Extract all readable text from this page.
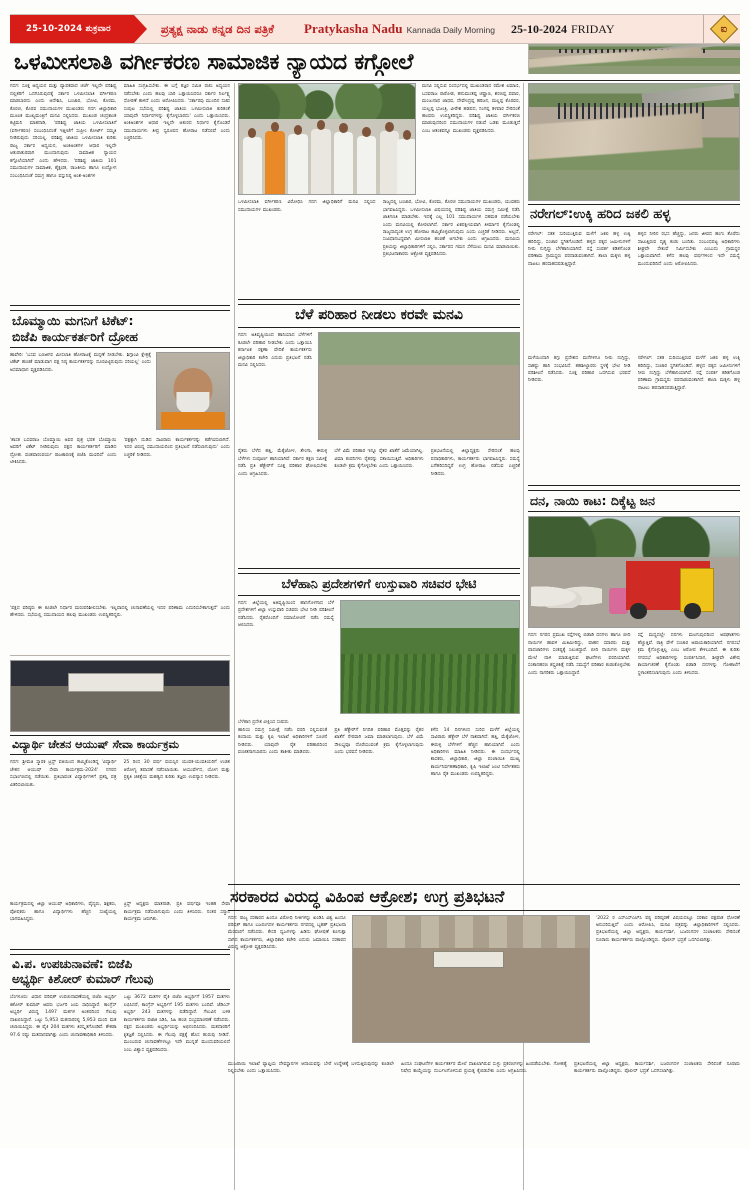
25-10-2024 ಶುಕ್ರವಾರ	ಪ್ರತ್ಯಕ್ಷ ನಾಡು ಕನ್ನಡ ದಿನ ಪತ್ರಿಕೆ Pratykasha Nadu Kannada Daily Morning 25-10-2024 FRIDAY	ಐ
ಒಳಮೀಸಲಾತಿ ವರ್ಗೀಕರಣ ಸಾಮಾಜಿಕ ನ್ಯಾಯದ ಕಗ್ಗೋಲೆ
ಗದಗ: ಸೂಕ್ತ ಅಧ್ಯಯನ ಮತ್ತು ವ್ಯಾಪಕವಾದ ಚರ್ಚೆ ಇಲ್ಲದೇ ಪರಿಶಿಷ್ಟ ದಲ್ಲಿತರಿಗೆ ಒದಗಿಸಿರುವುದಕ್ಕೆ ಸರ್ಕಾರ ಒಳಮೀಸಲಾತಿ ವರ್ಗೀಕರಣ ಮಾಡಬಾರದು ಎಂದು ಆದೇಶಿಸಿ, ಬಂಜಾರ, ಭೋವಿ, ಕೊರಮ, ಕೊರಚ, ಕೊರವ ಸಮುದಾಯಗಳ ಮುಖಂಡರು ಗದಗ ಜಿಲ್ಲಾಧಿಕಾರಿ ಮೂಲಕ ಮುಖ್ಯಮಂತ್ರಿಗೆ ಮನವಿ ಸಲ್ಲಿಸಿದರು. ಮುಖಂಡ ಚಂದ್ರಕಾಂತ ಕಟ್ಟಿಮನಿ ಮಾತನಾಡಿ, 'ಪರಿಶಿಷ್ಟ ಜಾತಿಯ ಒಳಮೀಸಲಾತಿಗೆ (ವರ್ಗೀಕರಣ) ಸಂಬಂಧಿಸಿದಂತೆ ಇತ್ತೀಚೆಗೆ ಸುಪ್ರೀಂ ಕೋರ್ಟ್ ಸಮ್ಮತಿ ನೀಡಿರುವುದು ಸರಿಯಲ್ಲ. ಪರಿಶಿಷ್ಟ ಜಾತಿಯ ಒಳಮೀಸಲಾತಿ ಕುರಿತು ರಾಜ್ಯ ಸರ್ಕಾರ ಅಧ್ಯಯನ, ಅಂಕಿಅಂಶಗಳ ಆಧಾರ ಇಲ್ಲದೇ ಆತುರಾತುರವಾಗಿ ಮುಂದಾಗುವುದು ಸಾಮಾಜಿಕ ನ್ಯಾಯದ ಕಗ್ಗೊಲೆಯಾಗಿದೆ' ಎಂದು ಹೇಳಿದರು. 'ಪರಿಶಿಷ್ಟ ಜಾತಿಯ 101 ಸಮುದಾಯಗಳ ಸಾಮಾಜಿಕ, ಶೈಕ್ಷಣಿಕ, ರಾಜಕೀಯ ಹಾಗೂ ಉದ್ಯೋಗ ಸಂಬಂಧಿಸಿದಂತೆ ಸಮಗ್ರ ಹಾಗೂ ವಸ್ತುನಿಷ್ಠ ಅಂಶ-ಅಂಶಗಳ
ಮಾಹಿತಿ ಸಂಗ್ರಹಿಸಬೇಕು. ಈ ಬಗ್ಗೆ ತಜ್ಞರ ಸಮಿತಿ ರಚಿಸಿ ಅಧ್ಯಯನ ನಡೆಸಬೇಕು ಎಂದು ಹಲವು ಬಾರಿ ಒತ್ತಾಯಿಸಿದರೂ ಸರ್ಕಾರ ನಿರ್ಲಕ್ಷ್ಯ ಧೋರಣೆ ತಾಳಿದೆ ಎಂದು ಆರೋಪಿಸಿದರು. 'ಸರ್ಕಾರವು ಮುಂದಿನ ಸಚಿವ ಸಂಪುಟ ಸಭೆಯಲ್ಲಿ ಪರಿಶಿಷ್ಟ ಜಾತಿಯ ಒಳಮೀಸಲಾತಿ ಕುರಿತಂತೆ ಯಾವುದೇ ನಿರ್ಧಾರಗಳನ್ನು ಕೈಗೊಳ್ಳಬಾರದು' ಎಂದು ಒತ್ತಾಯಿಸಿದರು. ಅಂಕಿಅಂಶಗಳ ಆಧಾರ ಇಲ್ಲದೇ ಆತುರದ ನಿರ್ಧಾರ ಕೈಗೊಂಡರೆ ಸಮುದಾಯಗಳು ತೀವ್ರ ಸ್ವರೂಪದ ಹೋರಾಟ ನಡೆಸಲಿವೆ ಎಂದು ಎಚ್ಚರಿಸಿದರು.
ಬೊಮ್ಮಾಯಿ ಮಗನಿಗೆ ಟಿಕೆಟ್:
ಬಿಜೆಪಿ ಕಾರ್ಯಕರ್ತರಿಗೆ ದ್ರೋಹ
ಹಾವೇರಿ: 'ಬಸವ ಬಣಜಿಗರ ಮೀಸಲಾತಿ ಹೋರಾಟಕ್ಕೆ ಮನ್ನಣೆ ನೀಡಬೇಕು. ಶಿಗ್ಗಾಂವಿ ಕ್ಷೇತ್ರಕ್ಕೆ ಟಿಕೆಟ್ ಹಂಚಿಕೆ ಮಾಡುವಾಗ ಪಕ್ಷ ನಿಷ್ಠ ಕಾರ್ಯಕರ್ತರನ್ನು ದೂರವಿಟ್ಟಿರುವುದು ಸರಿಯಲ್ಲ' ಎಂದು ಅಸಮಾಧಾನ ವ್ಯಕ್ತಪಡಿಸಿದರು.
'ಶಾಸಕ ಬಸವರಾಜ ಬೊಮ್ಮಾಯಿ ಅವರ ಪುತ್ರ ಭರತ ಬೊಮ್ಮಾಯಿ ಅವರಿಗೆ ಟಿಕೆಟ್ ನೀಡಿರುವುದು ಪಕ್ಷದ ಕಾರ್ಯಕರ್ತರಿಗೆ ಮಾಡಿದ ದ್ರೋಹ. ವಂಶಪಾರಂಪರ್ಯ ರಾಜಕಾರಣಕ್ಕೆ ಬಿಜೆಪಿ ಮಣಿದಿದೆ' ಎಂದು ಟೀಕಿಸಿದರು.
'ಪಕ್ಷಕ್ಕಾಗಿ ದುಡಿದ ಸಾವಿರಾರು ಕಾರ್ಯಕರ್ತರನ್ನು ಕಡೆಗಣಿಸಲಾಗಿದೆ. ಇದರ ವಿರುದ್ಧ ಸಮುದಾಯದಿಂದ ಪ್ರತಿಭಟನೆ ನಡೆಸಲಾಗುವುದು' ಎಂದು ಎಚ್ಚರಿಕೆ ನೀಡಿದರು.
'ಪಕ್ಷದ ವರಿಷ್ಠರು ಈ ಕೂಡಲೇ ನಿರ್ಧಾರ ಮರುಪರಿಶೀಲಿಸಬೇಕು. ಇಲ್ಲವಾದಲ್ಲಿ ಚುನಾವಣೆಯಲ್ಲಿ ಇದರ ಪರಿಣಾಮ ಎದುರಿಸಬೇಕಾಗುತ್ತದೆ' ಎಂದು ಹೇಳಿದರು. ಸಭೆಯಲ್ಲಿ ಸಮುದಾಯದ ಹಲವು ಮುಖಂಡರು ಉಪಸ್ಥಿತರಿದ್ದರು.
ವಿದ್ಯಾರ್ಥಿ ಚೇತನ ಆಯುಷ್ ಸೇವಾ ಕಾರ್ಯಕ್ರಮ
ಗದಗ: ಶ್ರೀಮತಿ ಸ್ಮಾರಕ ಟ್ರಸ್ಟ್ ವತಿಯಿಂದ ಹಮ್ಮಿಕೊಂಡಿದ್ದ 'ವಿದ್ಯಾರ್ಥಿ ಚೇತನ ಆಯುಷ್ ಸೇವಾ ಕಾರ್ಯಕ್ರಮ-2024' ನಗರದ ಸಭಾಂಗಣದಲ್ಲಿ ನಡೆಯಿತು. ಪ್ರತಿಭಾವಂತ ವಿದ್ಯಾರ್ಥಿಗಳಿಗೆ ಪ್ರಶಸ್ತಿ ಪತ್ರ ವಿತರಿಸಲಾಯಿತು.
25 ರಿಂದ 30 ವರ್ಷ ವಯಸ್ಸಿನ ಯುವಕ-ಯುವತಿಯರಿಗೆ ಉಚಿತ ಆರೋಗ್ಯ ತಪಾಸಣೆ ನಡೆಸಲಾಯಿತು. ಆಯುರ್ವೇದ, ಯೋಗ ಮತ್ತು ಪ್ರಕೃತಿ ಚಿಕಿತ್ಸೆಯ ಮಹತ್ವದ ಕುರಿತು ತಜ್ಞರು ಉಪನ್ಯಾಸ ನೀಡಿದರು.
ಕಾರ್ಯಕ್ರಮದಲ್ಲಿ ಜಿಲ್ಲಾ ಆಯುಷ್ ಅಧಿಕಾರಿಗಳು, ವೈದ್ಯರು, ಶಿಕ್ಷಕರು, ಪೋಷಕರು ಹಾಗೂ ವಿದ್ಯಾರ್ಥಿಗಳು ಹೆಚ್ಚಿನ ಸಂಖ್ಯೆಯಲ್ಲಿ ಭಾಗವಹಿಸಿದ್ದರು.
ಟ್ರಸ್ಟ್ ಅಧ್ಯಕ್ಷರು ಮಾತನಾಡಿ, ಪ್ರತಿ ವರ್ಷವೂ ಇಂತಹ ಸೇವಾ ಕಾರ್ಯಕ್ರಮ ನಡೆಸಲಾಗುವುದು ಎಂದು ತಿಳಿಸಿದರು. ನಂತರ ಸನ್ಮಾನ ಕಾರ್ಯಕ್ರಮ ಜರುಗಿತು.
ವಿ.ಪ. ಉಪಚುನಾವಣೆ: ಬಿಜೆಪಿ
ಅಭ್ಯರ್ಥಿ ಕಿಶೋರ್ ಕುಮಾರ್ ಗೆಲುವು
ಬೆಂಗಳೂರು: ವಿಧಾನ ಪರಿಷತ್ ಉಪಚುನಾವಣೆಯಲ್ಲಿ ಬಿಜೆಪಿ ಅಭ್ಯರ್ಥಿ ಕಿಶೋರ್ ಕುಮಾರ್ ಅವರು ಭರ್ಜರಿ ಜಯ ಸಾಧಿಸಿದ್ದಾರೆ. ಕಾಂಗ್ರೆಸ್ ಅಭ್ಯರ್ಥಿ ವಿರುದ್ಧ 1497 ಮತಗಳ ಅಂತರದಿಂದ ಗೆಲುವು ದಾಖಲಿಸಿದ್ದಾರೆ. ಒಟ್ಟು 5,953 ಮತದಾರರಲ್ಲಿ 5,953 ಮಂದಿ ಮತ ಚಲಾಯಿಸಿದ್ದರು. ಈ ಪೈಕಿ 204 ಮತಗಳು ತಿರಸ್ಕೃತಗೊಂಡಿವೆ. ಶೇಕಡಾ 97.6 ರಷ್ಟು ಮತದಾನವಾಗಿತ್ತು ಎಂದು ಚುನಾವಣಾಧಿಕಾರಿ ತಿಳಿಸಿದರು.
ಒಟ್ಟು 3672 ಮತಗಳ ಪೈಕಿ ಬಿಜೆಪಿ ಅಭ್ಯರ್ಥಿಗೆ 1957 ಮತಗಳು ಲಭಿಸಿದರೆ, ಕಾಂಗ್ರೆಸ್ ಅಭ್ಯರ್ಥಿಗೆ 195 ಮತಗಳು ಬಂದಿವೆ. ಜೆಡಿಎಸ್ ಅಭ್ಯರ್ಥಿ 243 ಮತಗಳನ್ನು ಪಡೆದಿದ್ದಾರೆ. ಗೆಲುವಿನ ಬಳಿಕ ಕಾರ್ಯಕರ್ತರು ಪಟಾಕಿ ಸಿಡಿಸಿ, ಸಿಹಿ ಹಂಚಿ ಸಂಭ್ರಮಾಚರಣೆ ನಡೆಸಿದರು. ಪಕ್ಷದ ಮುಖಂಡರು ಅಭ್ಯರ್ಥಿಯನ್ನು ಅಭಿನಂದಿಸಿದರು. ಮತದಾರರಿಗೆ ಕೃತಜ್ಞತೆ ಸಲ್ಲಿಸಿದರು. ಈ ಗೆಲುವು ಪಕ್ಷಕ್ಕೆ ಹೊಸ ಹುರುಪು ನೀಡಿದೆ. ಮುಂಬರುವ ಚುನಾವಣೆಗಳಲ್ಲೂ ಇದೇ ಮುನ್ನಡೆ ಮುಂದುವರಿಯಲಿದೆ ಎಂಬ ವಿಶ್ವಾಸ ವ್ಯಕ್ತಪಡಿಸಿದರು.
ಮನವಿ ಸಲ್ಲಿಸುವ ಸಂದರ್ಭದಲ್ಲಿ ಮುಖಂಡರಾದ ರಮೇಶ ಲಮಾಣಿ, ಬಸವರಾಜ ರಾಠೋಡ, ಹನುಮಂತಪ್ಪ ಚವ್ಹಾಣ, ಶರಣಪ್ಪ ಪವಾರ, ಮಂಜುನಾಥ ಜಾಧವ, ದೇವೇಂದ್ರಪ್ಪ ಹರಿಜನ, ಮಲ್ಲಪ್ಪ ಕೊರವರ, ಯಲ್ಲಪ್ಪ ಭಜಂತ್ರಿ, ವೀರೇಶ ಹಡಪದ, ನಿಂಗಪ್ಪ ತಳವಾರ ಸೇರಿದಂತೆ ಹಲವರು ಉಪಸ್ಥಿತರಿದ್ದರು. ಪರಿಶಿಷ್ಟ ಜಾತಿಯ ವರ್ಗೀಕರಣ ಮಾಡುವುದರಿಂದ ಸಮುದಾಯಗಳ ನಡುವೆ ಒಡಕು ಮೂಡುತ್ತದೆ ಎಂಬ ಆತಂಕವನ್ನೂ ಮುಖಂಡರು ವ್ಯಕ್ತಪಡಿಸಿದರು.
ಒಳಮೀಸಲಾತಿ ವರ್ಗೀಕರಣ ವಿರೋಧಿಸಿ ಗದಗ ಜಿಲ್ಲಾಧಿಕಾರಿಗೆ ಮನವಿ ಸಲ್ಲಿಸಿದ ಸಮುದಾಯಗಳ ಮುಖಂಡರು.
ರಾಜ್ಯದಲ್ಲಿ ಬಂಜಾರ, ಭೋವಿ, ಕೊರಮ, ಕೊರಚ ಸಮುದಾಯಗಳ ಮುಖಂಡರು, ಯುವಕರು ಭಾಗವಹಿಸಿದ್ದರು. ಒಳಮೀಸಲಾತಿ ವಿಷಯದಲ್ಲಿ ಪರಿಶಿಷ್ಟ ಜಾತಿಯ ಸಮಗ್ರ ಸಮೀಕ್ಷೆ ನಡೆಸಿ ಜಾತಿಗಣತಿ ಮಾಡಬೇಕು. ಇದಕ್ಕೆ ಎಲ್ಲ 101 ಸಮುದಾಯಗಳ ಸಹಮತ ಪಡೆಯಬೇಕು ಎಂದು ಮನವಿಯಲ್ಲಿ ಕೋರಲಾಗಿದೆ. ಸರ್ಕಾರ ಏಕಪಕ್ಷೀಯವಾಗಿ ತೀರ್ಮಾನ ಕೈಗೊಂಡಲ್ಲಿ ರಾಜ್ಯದಾದ್ಯಂತ ಉಗ್ರ ಹೋರಾಟ ಹಮ್ಮಿಕೊಳ್ಳಲಾಗುವುದು ಎಂದು ಎಚ್ಚರಿಕೆ ನೀಡಿದರು. ಅಲ್ಲದೆ, ಸಂವಿಧಾನಬದ್ಧವಾಗಿ ಮೀಸಲಾತಿ ಹಂಚಿಕೆ ಆಗಬೇಕು ಎಂದು ಆಗ್ರಹಿಸಿದರು. ಮನವಿಯ ಪ್ರತಿಯನ್ನು ಜಿಲ್ಲಾಧಿಕಾರಿಗಳಿಗೆ ಸಲ್ಲಿಸಿ, ಸರ್ಕಾರದ ಗಮನ ಸೆಳೆಯಲು ಮನವಿ ಮಾಡಲಾಯಿತು. ಪ್ರತಿಭಟನಾಕಾರರು ಆಕ್ರೋಶ ವ್ಯಕ್ತಪಡಿಸಿದರು.
ಬೆಳೆ ಪರಿಹಾರ ನೀಡಲು ಕರವೇ ಮನವಿ
ಗದಗ: ಅತಿವೃಷ್ಟಿಯಿಂದ ಹಾನಿಯಾದ ಬೆಳೆಗಳಿಗೆ ಕೂಡಲೇ ಪರಿಹಾರ ನೀಡಬೇಕು ಎಂದು ಒತ್ತಾಯಿಸಿ ಕರ್ನಾಟಕ ರಕ್ಷಣಾ ವೇದಿಕೆ ಕಾರ್ಯಕರ್ತರು ಜಿಲ್ಲಾಧಿಕಾರಿ ಕಚೇರಿ ಎದುರು ಪ್ರತಿಭಟನೆ ನಡೆಸಿ ಮನವಿ ಸಲ್ಲಿಸಿದರು.
ರೈತರು ಬೆಳೆದ ಹತ್ತಿ, ಮೆಕ್ಕೆಜೋಳ, ಶೇಂಗಾ, ಈರುಳ್ಳಿ ಬೆಳೆಗಳು ಸಂಪೂರ್ಣ ಹಾನಿಯಾಗಿವೆ. ಸರ್ಕಾರ ತಕ್ಷಣ ಸಮೀಕ್ಷೆ ನಡೆಸಿ ಪ್ರತಿ ಹೆಕ್ಟೇರ್‌ಗೆ ಸೂಕ್ತ ಪರಿಹಾರ ಘೋಷಿಸಬೇಕು ಎಂದು ಆಗ್ರಹಿಸಿದರು.
ಬೆಳೆ ವಿಮೆ ಪರಿಹಾರ ಇನ್ನೂ ರೈತರ ಖಾತೆಗೆ ಜಮೆಯಾಗಿಲ್ಲ. ವಿಮಾ ಕಂಪನಿಗಳು ರೈತರನ್ನು ಸತಾಯಿಸುತ್ತಿವೆ. ಅಧಿಕಾರಿಗಳು ಕೂಡಲೇ ಕ್ರಮ ಕೈಗೊಳ್ಳಬೇಕು ಎಂದು ಒತ್ತಾಯಿಸಿದರು.
ಪ್ರತಿಭಟನೆಯಲ್ಲಿ ಜಿಲ್ಲಾಧ್ಯಕ್ಷರು ಸೇರಿದಂತೆ ಹಲವು ಪದಾಧಿಕಾರಿಗಳು, ಕಾರ್ಯಕರ್ತರು ಭಾಗವಹಿಸಿದ್ದರು. ಸಮಸ್ಯೆ ಬಗೆಹರಿಸದಿದ್ದರೆ ಉಗ್ರ ಹೋರಾಟ ನಡೆಸುವ ಎಚ್ಚರಿಕೆ ನೀಡಿದರು.
ಬೆಳೆಹಾನಿ ಪ್ರದೇಶಗಳಿಗೆ ಉಸ್ತುವಾರಿ ಸಚಿವರ ಭೇಟಿ
ಗದಗ: ಜಿಲ್ಲೆಯಲ್ಲಿ ಅತಿವೃಷ್ಟಿಯಿಂದ ಹಾನಿಗೊಳಗಾದ ಬೆಳೆ ಪ್ರದೇಶಗಳಿಗೆ ಜಿಲ್ಲಾ ಉಸ್ತುವಾರಿ ಸಚಿವರು ಭೇಟಿ ನೀಡಿ ಪರಿಶೀಲನೆ ನಡೆಸಿದರು. ರೈತರೊಂದಿಗೆ ಸಮಾಲೋಚನೆ ನಡೆಸಿ ಸಮಸ್ಯೆ ಆಲಿಸಿದರು.
ಬೆಳೆಹಾನಿ ಪ್ರದೇಶ ವೀಕ್ಷಿಸಿದ ಸಚಿವರು
ಹಾನಿಯ ಸಮಗ್ರ ಸಮೀಕ್ಷೆ ನಡೆಸಿ ವರದಿ ಸಲ್ಲಿಸುವಂತೆ ಕಂದಾಯ ಮತ್ತು ಕೃಷಿ ಇಲಾಖೆ ಅಧಿಕಾರಿಗಳಿಗೆ ಸೂಚನೆ ನೀಡಿದರು. ಯಾವುದೇ ರೈತ ಪರಿಹಾರದಿಂದ ವಂಚಿತನಾಗಬಾರದು ಎಂದು ತಾಕೀತು ಮಾಡಿದರು.
ಪ್ರತಿ ಹೆಕ್ಟೇರ್‌ಗೆ ನಿಗದಿತ ಪರಿಹಾರ ಮೊತ್ತವನ್ನು ರೈತರ ಖಾತೆಗೆ ನೇರವಾಗಿ ಜಮಾ ಮಾಡಲಾಗುವುದು. ಬೆಳೆ ವಿಮೆ ಸೌಲಭ್ಯವೂ ದೊರೆಯುವಂತೆ ಕ್ರಮ ಕೈಗೊಳ್ಳಲಾಗುವುದು ಎಂದು ಭರವಸೆ ನೀಡಿದರು.
ಕಳೆದ 14 ದಿನಗಳಿಂದ ಸುರಿದ ಮಳೆಗೆ ಜಿಲ್ಲೆಯಲ್ಲಿ ಸಾವಿರಾರು ಹೆಕ್ಟೇರ್ ಬೆಳೆ ನಾಶವಾಗಿದೆ. ಹತ್ತಿ, ಮೆಕ್ಕೆಜೋಳ, ಈರುಳ್ಳಿ ಬೆಳೆಗಳಿಗೆ ಹೆಚ್ಚಿನ ಹಾನಿಯಾಗಿದೆ ಎಂದು ಅಧಿಕಾರಿಗಳು ಮಾಹಿತಿ ನೀಡಿದರು. ಈ ಸಂದರ್ಭದಲ್ಲಿ ಶಾಸಕರು, ಜಿಲ್ಲಾಧಿಕಾರಿ, ಜಿಲ್ಲಾ ಪಂಚಾಯಿತಿ ಮುಖ್ಯ ಕಾರ್ಯನಿರ್ವಹಣಾಧಿಕಾರಿ, ಕೃಷಿ ಇಲಾಖೆ ಜಂಟಿ ನಿರ್ದೇಶಕರು ಹಾಗೂ ರೈತ ಮುಖಂಡರು ಉಪಸ್ಥಿತರಿದ್ದರು.
ನರೇಗಲ್:ಉಕ್ಕಿ ಹರಿದ ಜಕಲಿ ಹಳ್ಳ
ನರೇಗಲ್: ಸತತ ಸುರಿಯುತ್ತಿರುವ ಮಳೆಗೆ ಜಕಲಿ ಹಳ್ಳ ಉಕ್ಕಿ ಹರಿದಿದ್ದು, ಸಂಚಾರ ಸ್ಥಗಿತಗೊಂಡಿದೆ. ಹಳ್ಳದ ಪಕ್ಕದ ಜಮೀನುಗಳಿಗೆ ನೀರು ನುಗ್ಗಿದ್ದು ಬೆಳೆಹಾನಿಯಾಗಿದೆ. ರಸ್ತೆ ಸಂಪರ್ಕ ಕಡಿತಗೊಂಡ ಪರಿಣಾಮ ಗ್ರಾಮಸ್ಥರು ಪರದಾಡುವಂತಾಗಿದೆ. ಶಾಲಾ ಮಕ್ಕಳು ಹಳ್ಳ ದಾಟಲು ಹರಸಾಹಸಪಡುತ್ತಿದ್ದಾರೆ.
ಹಳ್ಳದ ನೀರಿನ ರಭಸ ಹೆಚ್ಚಿದ್ದು, ಜನರು ಜೀವದ ಹಂಗು ತೊರೆದು ದಾಟುತ್ತಿರುವ ದೃಶ್ಯ ಕಂಡು ಬಂದಿತು. ಸಂಬಂಧಪಟ್ಟ ಅಧಿಕಾರಿಗಳು ಶೀಘ್ರವೇ ಸೇತುವೆ ನಿರ್ಮಿಸಬೇಕು ಎಂಬುದು ಗ್ರಾಮಸ್ಥರ ಒತ್ತಾಯವಾಗಿದೆ. ಕಳೆದ ಹಲವು ವರ್ಷಗಳಿಂದ ಇದೇ ಸಮಸ್ಯೆ ಮುಂದುವರಿದಿದೆ ಎಂದು ಆರೋಪಿಸಿದರು.
ಮಳೆಯಿಂದಾಗಿ ತಗ್ಗು ಪ್ರದೇಶದ ಮನೆಗಳಿಗೂ ನೀರು ನುಗ್ಗಿದ್ದು, ಸಾಕಷ್ಟು ಹಾನಿ ಸಂಭವಿಸಿದೆ. ತಹಶೀಲ್ದಾರರು ಸ್ಥಳಕ್ಕೆ ಭೇಟಿ ನೀಡಿ ಪರಿಶೀಲನೆ ನಡೆಸಿದರು. ಸೂಕ್ತ ಪರಿಹಾರ ಒದಗಿಸುವ ಭರವಸೆ ನೀಡಿದರು.
ನರೇಗಲ್: ಸತತ ಸುರಿಯುತ್ತಿರುವ ಮಳೆಗೆ ಜಕಲಿ ಹಳ್ಳ ಉಕ್ಕಿ ಹರಿದಿದ್ದು, ಸಂಚಾರ ಸ್ಥಗಿತಗೊಂಡಿದೆ. ಹಳ್ಳದ ಪಕ್ಕದ ಜಮೀನುಗಳಿಗೆ ನೀರು ನುಗ್ಗಿದ್ದು ಬೆಳೆಹಾನಿಯಾಗಿದೆ. ರಸ್ತೆ ಸಂಪರ್ಕ ಕಡಿತಗೊಂಡ ಪರಿಣಾಮ ಗ್ರಾಮಸ್ಥರು ಪರದಾಡುವಂತಾಗಿದೆ. ಶಾಲಾ ಮಕ್ಕಳು ಹಳ್ಳ ದಾಟಲು ಹರಸಾಹಸಪಡುತ್ತಿದ್ದಾರೆ.
ದನ, ನಾಯಿ ಕಾಟ: ದಿಕ್ಕೆಟ್ಟ ಜನ
ಗದಗ: ನಗರದ ಪ್ರಮುಖ ರಸ್ತೆಗಳಲ್ಲಿ ಬಿಡಾಡಿ ದನಗಳು ಹಾಗೂ ಬೀದಿ ನಾಯಿಗಳ ಹಾವಳಿ ಮಿತಿಮೀರಿದ್ದು, ವಾಹನ ಸವಾರರು ಮತ್ತು ಪಾದಚಾರಿಗಳು ಸಂಕಷ್ಟಕ್ಕೆ ಸಿಲುಕಿದ್ದಾರೆ. ಬೀದಿ ನಾಯಿಗಳು ಮಕ್ಕಳ ಮೇಲೆ ದಾಳಿ ಮಾಡುತ್ತಿರುವ ಘಟನೆಗಳು ವರದಿಯಾಗಿವೆ. ಸಂತಾನಹರಣ ಶಸ್ತ್ರಚಿಕಿತ್ಸೆ ನಡೆಸಿ ಸಮಸ್ಯೆಗೆ ಪರಿಹಾರ ಕಂಡುಕೊಳ್ಳಬೇಕು ಎಂದು ನಾಗರಿಕರು ಒತ್ತಾಯಿಸಿದ್ದಾರೆ.
ರಸ್ತೆ ಮಧ್ಯದಲ್ಲೇ ದನಗಳು ಮಲಗುವುದರಿಂದ ಅಪಘಾತಗಳು ಹೆಚ್ಚುತ್ತಿವೆ. ರಾತ್ರಿ ವೇಳೆ ಸಂಚಾರ ಅಪಾಯಕಾರಿಯಾಗಿದೆ. ನಗರಸಭೆ ಕ್ರಮ ಕೈಗೊಳ್ಳುತ್ತಿಲ್ಲ ಎಂಬ ಆರೋಪ ಕೇಳಿಬಂದಿದೆ. ಈ ಕುರಿತು ನಗರಸಭೆ ಅಧಿಕಾರಿಗಳನ್ನು ಸಂಪರ್ಕಿಸಿದಾಗ, ಶೀಘ್ರವೇ ವಿಶೇಷ ಕಾರ್ಯಾಚರಣೆ ಕೈಗೊಂಡು ಬಿಡಾಡಿ ದನಗಳನ್ನು ಗೋಶಾಲೆಗೆ ಸ್ಥಳಾಂತರಿಸಲಾಗುವುದು ಎಂದು ತಿಳಿಸಿದರು.
ಸರಕಾರದ ವಿರುದ್ಧ ವಿಹಿಂಪ ಆಕ್ರೋಶ; ಉಗ್ರ ಪ್ರತಿಭಟನೆ
ಗದಗ: ರಾಜ್ಯ ಸರಕಾರದ ಹಿಂದೂ ವಿರೋಧಿ ನೀತಿಗಳನ್ನು ಖಂಡಿಸಿ ವಿಶ್ವ ಹಿಂದೂ ಪರಿಷತ್ ಹಾಗೂ ಬಜರಂಗದಳ ಕಾರ್ಯಕರ್ತರು ನಗರದಲ್ಲಿ ಬೃಹತ್ ಪ್ರತಿಭಟನಾ ಮೆರವಣಿಗೆ ನಡೆಸಿದರು. ಕೇಸರಿ ಧ್ವಜಗಳನ್ನು ಹಿಡಿದು ಘೋಷಣೆ ಕೂಗುತ್ತಾ ಸಾಗಿದ ಕಾರ್ಯಕರ್ತರು, ಜಿಲ್ಲಾಧಿಕಾರಿ ಕಚೇರಿ ಎದುರು ಜಮಾಯಿಸಿ ಸರಕಾರದ ವಿರುದ್ಧ ಆಕ್ರೋಶ ವ್ಯಕ್ತಪಡಿಸಿದರು.
'2022 ರ ಎಸ್‌ಎಸ್‌ಎಲ್‌ಸಿ ಪಠ್ಯ ಪರಿಷ್ಕರಣೆ ವಿಷಯದಲ್ಲೂ ಸರಕಾರ ಪಕ್ಷಪಾತ ಧೋರಣೆ ಅನುಸರಿಸುತ್ತಿದೆ' ಎಂದು ಆರೋಪಿಸಿ, ಮನವಿ ಪತ್ರವನ್ನು ಜಿಲ್ಲಾಧಿಕಾರಿಗಳಿಗೆ ಸಲ್ಲಿಸಿದರು. ಪ್ರತಿಭಟನೆಯಲ್ಲಿ ಜಿಲ್ಲಾ ಅಧ್ಯಕ್ಷರು, ಕಾರ್ಯದರ್ಶಿ, ಬಜರಂಗದಳ ಸಂಚಾಲಕರು ಸೇರಿದಂತೆ ನೂರಾರು ಕಾರ್ಯಕರ್ತರು ಪಾಲ್ಗೊಂಡಿದ್ದರು. ಪೊಲೀಸ್ ಭದ್ರತೆ ಒದಗಿಸಲಾಗಿತ್ತು.
ಮುಜರಾಯಿ ಇಲಾಖೆ ವ್ಯಾಪ್ತಿಯ ದೇವಸ್ಥಾನಗಳ ಆದಾಯವನ್ನು ಬೇರೆ ಉದ್ದೇಶಕ್ಕೆ ಬಳಸುತ್ತಿರುವುದನ್ನು ಕೂಡಲೇ ನಿಲ್ಲಿಸಬೇಕು ಎಂದು ಒತ್ತಾಯಿಸಿದರು.
ಹಿಂದೂ ಸಂಘಟನೆಗಳ ಕಾರ್ಯಕರ್ತರ ಮೇಲೆ ದಾಖಲಾಗಿರುವ ಸುಳ್ಳು ಪ್ರಕರಣಗಳನ್ನು ಹಿಂಪಡೆಯಬೇಕು. ಗೋಹತ್ಯೆ ನಿಷೇಧ ಕಾಯ್ದೆಯನ್ನು ದುರ್ಬಲಗೊಳಿಸುವ ಪ್ರಯತ್ನ ಕೈಬಿಡಬೇಕು ಎಂದು ಆಗ್ರಹಿಸಿದರು.
ಪ್ರತಿಭಟನೆಯಲ್ಲಿ ಜಿಲ್ಲಾ ಅಧ್ಯಕ್ಷರು, ಕಾರ್ಯದರ್ಶಿ, ಬಜರಂಗದಳ ಸಂಚಾಲಕರು ಸೇರಿದಂತೆ ನೂರಾರು ಕಾರ್ಯಕರ್ತರು ಪಾಲ್ಗೊಂಡಿದ್ದರು. ಪೊಲೀಸ್ ಭದ್ರತೆ ಒದಗಿಸಲಾಗಿತ್ತು.
